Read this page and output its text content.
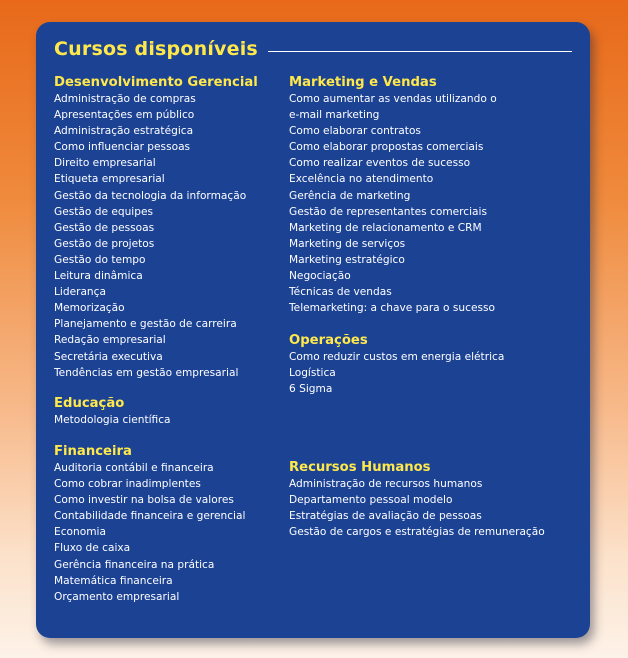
Cursos disponíveis
Desenvolvimento Gerencial
Administração de compras
Apresentações em público
Administração estratégica
Como influenciar pessoas
Direito empresarial
Etiqueta empresarial
Gestão da tecnologia da informação
Gestão de equipes
Gestão de pessoas
Gestão de projetos
Gestão do tempo
Leitura dinâmica
Liderança
Memorização
Planejamento e gestão de carreira
Redação empresarial
Secretária executiva
Tendências em gestão empresarial
Educação
Metodologia científica
Financeira
Auditoria contábil e financeira
Como cobrar inadimplentes
Como investir na bolsa de valores
Contabilidade financeira e gerencial
Economia
Fluxo de caixa
Gerência financeira na prática
Matemática financeira
Orçamento empresarial
Marketing e Vendas
Como aumentar as vendas utilizando o
e-mail marketing
Como elaborar contratos
Como elaborar propostas comerciais
Como realizar eventos de sucesso
Excelência no atendimento
Gerência de marketing
Gestão de representantes comerciais
Marketing de relacionamento e CRM
Marketing de serviços
Marketing estratégico
Negociação
Técnicas de vendas
Telemarketing: a chave para o sucesso
Operações
Como reduzir custos em energia elétrica
Logística
6 Sigma
Recursos Humanos
Administração de recursos humanos
Departamento pessoal modelo
Estratégias de avaliação de pessoas
Gestão de cargos e estratégias de remuneração
